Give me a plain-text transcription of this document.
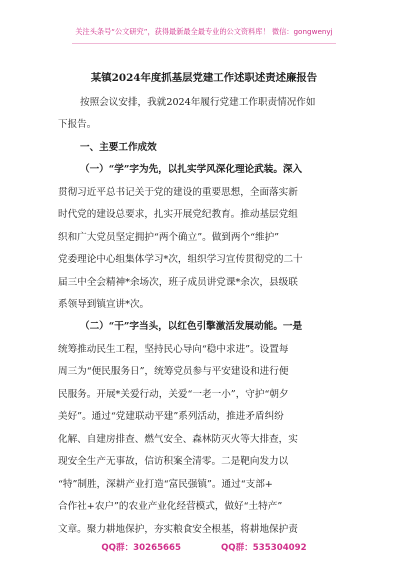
关注头条号“公文研究”，获得最新最全最专业的公文资料库！ 微信：gongwenyj
某镇2024年度抓基层党建工作述职述责述廉报告
按照会议安排，我就2024年履行党建工作职责情况作如
下报告。
一、主要工作成效
（一）“学”字为先，以扎实学风深化理论武装。深入
贯彻习近平总书记关于党的建设的重要思想，全面落实新
时代党的建设总要求，扎实开展党纪教育。推动基层党组
织和广大党员坚定拥护“两个确立”。做到两个“维护”
党委理论中心组集体学习*次，组织学习宣传贯彻党的二十
届三中全会精神*余场次，班子成员讲党课*余次，县级联
系领导到镇宣讲*次。
（二）“干”字当头，以红色引擎激活发展动能。一是
统筹推动民生工程，坚持民心导向“稳中求进”。设置每
周三为“便民服务日”，统筹党员参与平安建设和进行便
民服务。开展*关爱行动，关爱“一老一小”，守护“朝夕
美好”。通过“党建联动平建”系列活动，推进矛盾纠纷
化解、自建房排查、燃气安全、森林防灭火等大排查，实
现安全生产无事故，信访积案全清零。二是靶向发力以
“特”制胜，深耕产业打造“富民强镇”。通过“支部+
合作社+农户”的农业产业化经营模式，做好“土特产”
文章。聚力耕地保护，夯实粮食安全根基，将耕地保护责
QQ群：30265665	QQ群：535304092
